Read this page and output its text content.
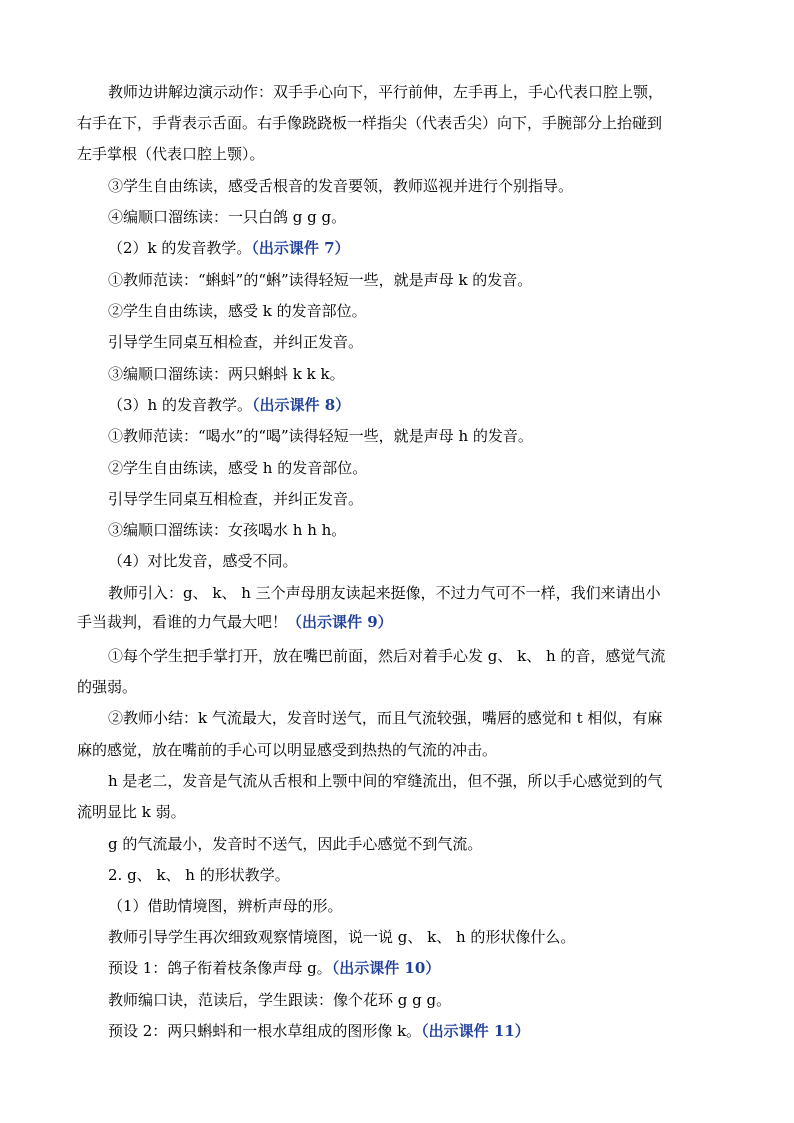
教师边讲解边演示动作：双手手心向下，平行前伸，左手再上，手心代表口腔上颚，
右手在下，手背表示舌面。右手像跷跷板一样指尖（代表舌尖）向下，手腕部分上抬碰到
左手掌根（代表口腔上颚）。
③学生自由练读，感受舌根音的发音要领，教师巡视并进行个别指导。
④编顺口溜练读：一只白鸽 g g g。
（2）k 的发音教学。（出示课件 7）
①教师范读：“蝌蚪”的“蝌”读得轻短一些，就是声母 k 的发音。
②学生自由练读，感受 k 的发音部位。
引导学生同桌互相检查，并纠正发音。
③编顺口溜练读：两只蝌蚪 k k k。
（3）h 的发音教学。（出示课件 8）
①教师范读：“喝水”的“喝”读得轻短一些，就是声母 h 的发音。
②学生自由练读，感受 h 的发音部位。
引导学生同桌互相检查，并纠正发音。
③编顺口溜练读：女孩喝水 h h h。
（4）对比发音，感受不同。
教师引入：g、 k、 h 三个声母朋友读起来挺像，不过力气可不一样，我们来请出小
手当裁判，看谁的力气最大吧！（出示课件 9）
①每个学生把手掌打开，放在嘴巴前面，然后对着手心发 g、 k、 h 的音，感觉气流
的强弱。
②教师小结：k 气流最大，发音时送气，而且气流较强，嘴唇的感觉和 t 相似，有麻
麻的感觉，放在嘴前的手心可以明显感受到热热的气流的冲击。
h 是老二，发音是气流从舌根和上颚中间的窄缝流出，但不强，所以手心感觉到的气
流明显比 k 弱。
g 的气流最小，发音时不送气，因此手心感觉不到气流。
2. g、 k、 h 的形状教学。
（1）借助情境图，辨析声母的形。
教师引导学生再次细致观察情境图，说一说 g、 k、 h 的形状像什么。
预设 1：鸽子衔着枝条像声母 g。（出示课件 10）
教师编口诀，范读后，学生跟读：像个花环 g g g。
预设 2：两只蝌蚪和一根水草组成的图形像 k。（出示课件 11）
